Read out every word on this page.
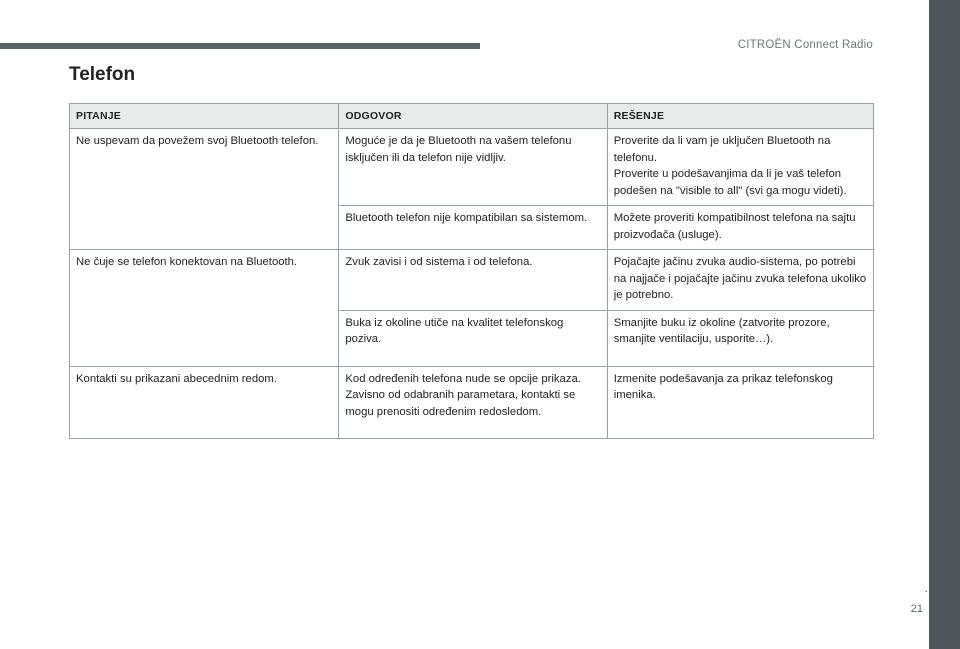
CITROËN Connect Radio
Telefon
PITANJE	ODGOVOR	REŠENJE
Ne uspevam da povežem svoj Bluetooth telefon.	Moguće je da je Bluetooth na vašem telefonu isključen ili da telefon nije vidljiv.	Proverite da li vam je uključen Bluetooth na telefonu.
Proverite u podešavanjima da li je vaš telefon podešen na "visible to all" (svi ga mogu videti).
	Bluetooth telefon nije kompatibilan sa sistemom.	Možete proveriti kompatibilnost telefona na sajtu proizvođača (usluge).
Ne čuje se telefon konektovan na Bluetooth.	Zvuk zavisi i od sistema i od telefona.	Pojačajte jačinu zvuka audio-sistema, po potrebi na najjače i pojačajte jačinu zvuka telefona ukoliko je potrebno.
	Buka iz okoline utiče na kvalitet telefonskog poziva.	Smanjite buku iz okoline (zatvorite prozore, smanjite ventilaciju, usporite…).
Kontakti su prikazani abecednim redom.	Kod određenih telefona nude se opcije prikaza. Zavisno od odabranih parametara, kontakti se mogu prenositi određenim redosledom.	Izmenite podešavanja za prikaz telefonskog imenika.
.
21
